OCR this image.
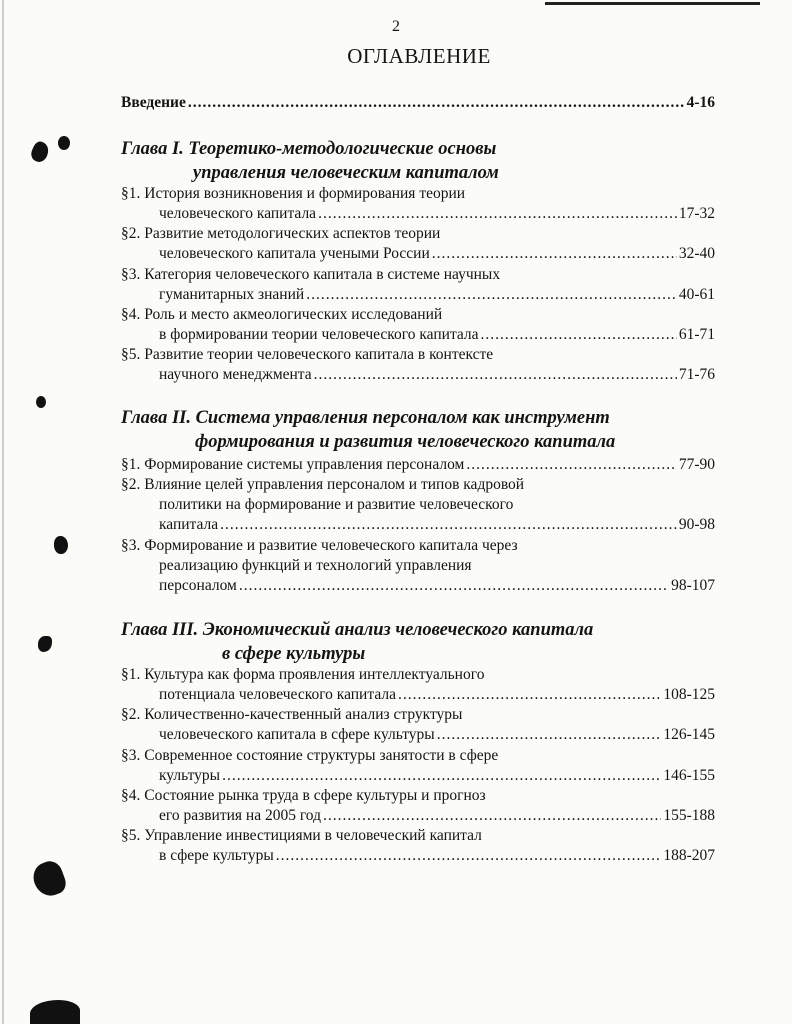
2
ОГЛАВЛЕНИЕ
Введение .....	4-16
Глава I. Теоретико-методологические основы
управления человеческим капиталом
§1. История возникновения и формирования теории
человеческого капитала .....	17-32
§2. Развитие методологических аспектов теории
человеческого капитала учеными России .....	32-40
§3. Категория человеческого капитала в системе научных
гуманитарных знаний .....	40-61
§4. Роль и место акмеологических исследований
в формировании теории человеческого капитала .....	61-71
§5. Развитие теории человеческого капитала в контексте
научного менеджмента .....	71-76
Глава II. Система управления персоналом как инструмент
формирования и развития человеческого капитала
§1. Формирование системы управления персоналом .....	77-90
§2. Влияние целей управления персоналом и типов кадровой
политики на формирование и развитие человеческого
капитала .....	90-98
§3. Формирование и развитие человеческого капитала через
реализацию функций и технологий управления
персоналом .....	98-107
Глава III. Экономический анализ человеческого капитала
в сфере культуры
§1. Культура как форма проявления интеллектуального
потенциала человеческого капитала .....	108-125
§2. Количественно-качественный анализ структуры
человеческого капитала в сфере культуры .....	126-145
§3. Современное состояние структуры занятости в сфере
культуры .....	146-155
§4. Состояние рынка труда в сфере культуры и прогноз
его развития на 2005 год .....	155-188
§5. Управление инвестициями в человеческий капитал
в сфере культуры .....	188-207
